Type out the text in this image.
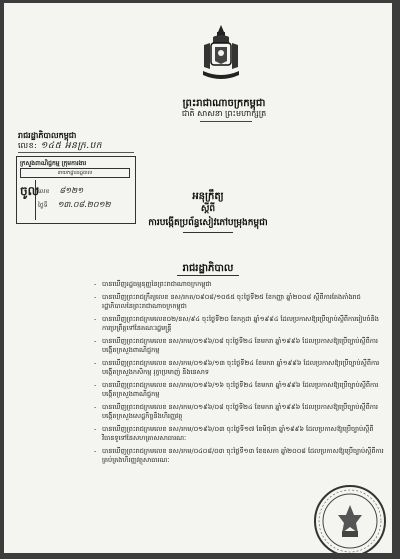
ព្រះរាជាណាចក្រកម្ពុជា
ជាតិ សាសនា ព្រះមហាក្សត្រ
រាជរដ្ឋាភិបាលកម្ពុជា
លេខ: ១៤៥ អនក្រ.បក
ក្រសួងពាណិជ្ជកម្ម ក្រុមការងារ
នាយកដ្ឋានរដ្ឋបាល
ចូល
លេខ ៨១២១
ថ្ងៃទី ១៣.០៨.២០១២
អនុក្រឹត្យ
ស្តីពី
ការបង្កើតប្រព័ន្ធសៀវភៅបម្រុងកម្ពុជា
រាជរដ្ឋាភិបាល
- បានឃើញរដ្ឋធម្មនុញ្ញនៃព្រះរាជាណាចក្រកម្ពុជា
- បានឃើញព្រះរាជក្រឹត្យលេខ នស/រកត/០៩០៨/១០៥៥ ចុះថ្ងៃទី២៥ ខែកញ្ញា ឆ្នាំ២០០៨ ស្តីពីការតែងតាំងរាជរដ្ឋាភិបាលនៃព្រះរាជាណាចក្រកម្ពុជា
- បានឃើញព្រះរាជក្រមលេខ០២/នស/៩៤ ចុះថ្ងៃទី២០ ខែកក្កដា ឆ្នាំ១៩៩៤ ដែលប្រកាសឱ្យប្រើច្បាប់ស្តីពីការរៀបចំនិងការប្រព្រឹត្តទៅនៃគណៈរដ្ឋមន្ត្រី
- បានឃើញព្រះរាជក្រមលេខ នស/រកម/០១៩៦/០៨ ចុះថ្ងៃទី២៤ ខែមករា ឆ្នាំ១៩៩៦ ដែលប្រកាសឱ្យប្រើច្បាប់ស្តីពីការបង្កើតក្រសួងពាណិជ្ជកម្ម
- បានឃើញព្រះរាជក្រមលេខ នស/រកម/០១៩៦/១៣ ចុះថ្ងៃទី២៤ ខែមករា ឆ្នាំ១៩៩៦ ដែលប្រកាសឱ្យប្រើច្បាប់ស្តីពីការបង្កើតក្រសួងកសិកម្ម រុក្ខាប្រមាញ់ និងនេសាទ
- បានឃើញព្រះរាជក្រមលេខ នស/រកម/០១៩៦/១៦ ចុះថ្ងៃទី២៤ ខែមករា ឆ្នាំ១៩៩៦ ដែលប្រកាសឱ្យប្រើច្បាប់ស្តីពីការបង្កើតក្រសួងពាណិជ្ជកម្ម
- បានឃើញព្រះរាជក្រមលេខ នស/រកម/០១៩៦/០៨ ចុះថ្ងៃទី២៤ ខែមករា ឆ្នាំ១៩៩៦ ដែលប្រកាសឱ្យប្រើច្បាប់ស្តីពីការបង្កើតក្រសួងសេដ្ឋកិច្ចនិងហិរញ្ញវត្ថុ
- បានឃើញព្រះរាជក្រមលេខ នស/រកម/០១៩៦/០៣ ចុះថ្ងៃទី១៧ ខែមិថុនា ឆ្នាំ១៩៩៦ ដែលប្រកាសឱ្យប្រើច្បាប់ស្តីពីវិធានទូទៅនៃសហគ្រាសសាធារណៈ
- បានឃើញព្រះរាជក្រមលេខ នស/រកម/០៤០៨/០៣ ចុះថ្ងៃទី១៣ ខែឧសភា ឆ្នាំ២០០៨ ដែលប្រកាសឱ្យប្រើច្បាប់ស្តីពីការគ្រប់គ្រងហិរញ្ញវត្ថុសាធារណៈ
